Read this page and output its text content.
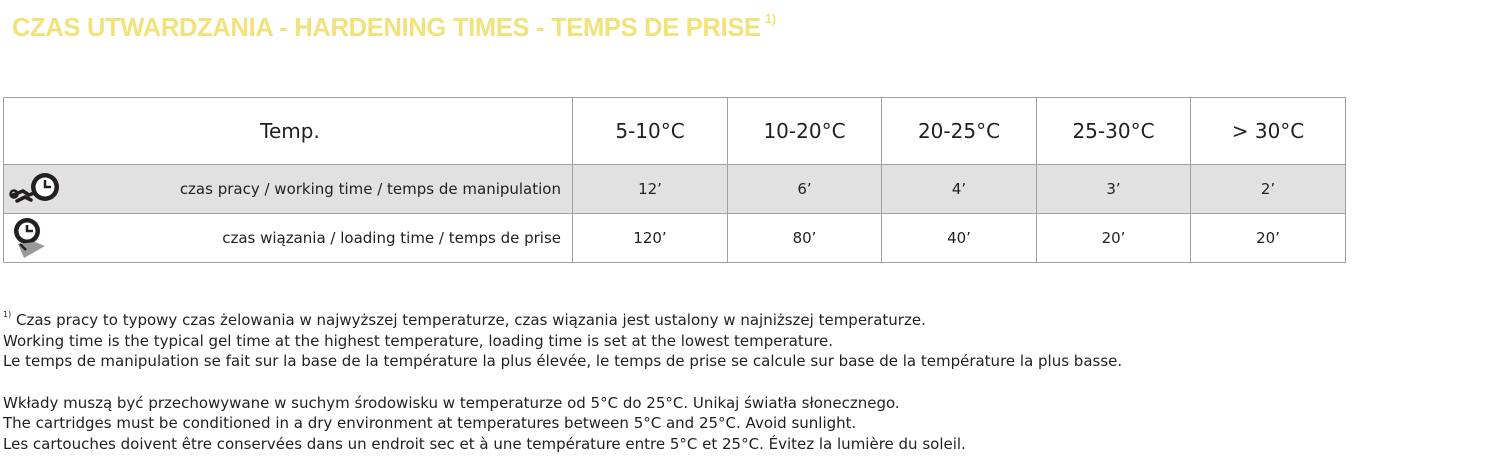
CZAS UTWARDZANIA - HARDENING TIMES - TEMPS DE PRISE $^{1)}$
Temp.	5-10°C	10-20°C	20-25°C	25-30°C	> 30°C

czas pracy / working time / temps de manipulation	12’	6’	4’	3’	2’

czas wiązania / loading time / temps de prise	120’	80’	40’	20’	20’

$^{1)}$ Czas pracy to typowy czas żelowania w najwyższej temperaturze, czas wiązania jest ustalony w najniższej temperaturze.

Working time is the typical gel time at the highest temperature, loading time is set at the lowest temperature.

Le temps de manipulation se fait sur la base de la température la plus élevée, le temps de prise se calcule sur base de la température la plus basse.

Wkłady muszą być przechowywane w suchym środowisku w temperaturze od 5°C do 25°C. Unikaj światła słonecznego.

The cartridges must be conditioned in a dry environment at temperatures between 5°C and 25°C. Avoid sunlight.

Les cartouches doivent être conservées dans un endroit sec et à une température entre 5°C et 25°C. Évitez la lumière du soleil.
